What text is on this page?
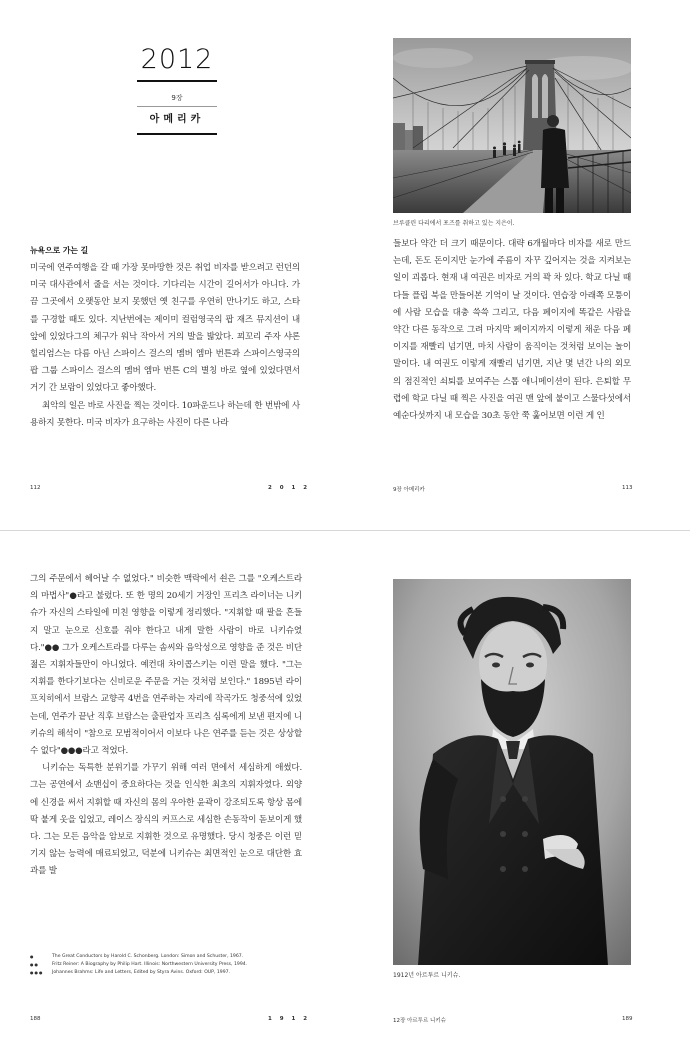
2012
9장
아메리카
브루클린 다리에서 포즈를 취하고 있는 지은이.
뉴욕으로 가는 길

미국에 연주여행을 갈 때 가장 못마땅한 것은 취업 비자를 받으려고 런던의 미국 대사관에서 줄을 서는 것이다. 기다리는 시간이 길어서가 아니다. 가끔 그곳에서 오랫동안 보지 못했던 옛 친구를 우연히 만나기도 하고, 스타를 구경할 때도 있다. 지난번에는 제이미 컬럼영국의 팝 재즈 뮤지션이 내 앞에 있었다그의 체구가 워낙 작아서 거의 발을 밟았다. 꾀꼬리 주자 샤론 힐리엄스는 다름 아닌 스파이스 걸스의 멤버 엠마 번튼과 스파이스영국의 팝 그룹 스파이스 걸스의 멤버 엠마 번튼 C의 별칭 바로 옆에 있었다면서 거기 간 보람이 있었다고 좋아했다.

최악의 일은 바로 사진을 찍는 것이다. 10파운드나 하는데 한 번밖에 사용하지 못한다. 미국 비자가 요구하는 사진이 다른 나라

들보다 약간 더 크기 때문이다. 대략 6개월마다 비자를 새로 만드는데, 돈도 돈이지만 눈가에 주름이 자꾸 깊어지는 것을 지켜보는 일이 괴롭다. 현재 내 여권은 비자로 거의 꽉 차 있다. 학교 다닐 때 다들 플립 북을 만들어본 기억이 날 것이다. 연습장 아래쪽 모퉁이에 사람 모습을 대충 쓱쓱 그리고, 다음 페이지에 똑같은 사람을 약간 다른 동작으로 그려 마지막 페이지까지 이렇게 채운 다음 페이지를 재빨리 넘기면, 마치 사람이 움직이는 것처럼 보이는 놀이 말이다. 내 여권도 이렇게 재빨리 넘기면, 지난 몇 년간 나의 외모의 점진적인 쇠퇴를 보여주는 스톱 애니메이션이 된다. 은퇴할 무렵에 학교 다닐 때 찍은 사진을 여권 맨 앞에 붙이고 스물다섯에서 예순다섯까지 내 모습을 30초 동안 쭉 훑어보면 이런 게 인

112	2 0 1 2	9장 아메리카	113

그의 주문에서 헤어날 수 없었다." 비슷한 맥락에서 쇤은 그를 "오케스트라의 마법사"●라고 불렀다. 또 한 명의 20세기 거장인 프리츠 라이너는 니키슈가 자신의 스타일에 미친 영향을 이렇게 정리했다. "지휘할 때 팔을 흔들지 말고 눈으로 신호를 줘야 한다고 내게 말한 사람이 바로 니키슈였다."●● 그가 오케스트라를 다루는 솜씨와 음악성으로 영향을 준 것은 비단 젊은 지휘자들만이 아니었다. 예컨대 차이콥스키는 이런 말을 했다. "그는 지휘를 한다기보다는 신비로운 주문을 거는 것처럼 보인다." 1895년 라이프치히에서 브람스 교향곡 4번을 연주하는 자리에 작곡가도 청중석에 있었는데, 연주가 끝난 직후 브람스는 출판업자 프리츠 심록에게 보낸 편지에 니키슈의 해석이 "참으로 모범적이어서 이보다 나은 연주를 듣는 것은 상상할 수 없다"●●●라고 적었다.

니키슈는 독특한 분위기를 가꾸기 위해 여러 면에서 세심하게 애썼다. 그는 공연에서 쇼맨십이 중요하다는 것을 인식한 최초의 지휘자였다. 외양에 신경을 써서 지휘할 때 자신의 몸의 우아한 윤곽이 강조되도록 항상 몸에 딱 붙게 옷을 입었고, 레이스 장식의 커프스로 세심한 손동작이 돋보이게 했다. 그는 모든 음악을 암보로 지휘한 것으로 유명했다. 당시 청중은 이런 믿기지 않는 능력에 매료되었고, 덕분에 니키슈는 최면적인 눈으로 대단한 효과를 발

1912년 아르투르 니키슈.
188	1 9 1 2	12장 아르투르 니키슈	189
●	The Great Conductors by Harold C. Schonberg. London: Simon and Schuster, 1967.
●●	Fritz Reiner: A Biography by Philip Hart. Illinois: Northwestern University Press, 1994.
●●● Johannes Brahms: Life and Letters, Edited by Styra Avins. Oxford: OUP, 1997.
